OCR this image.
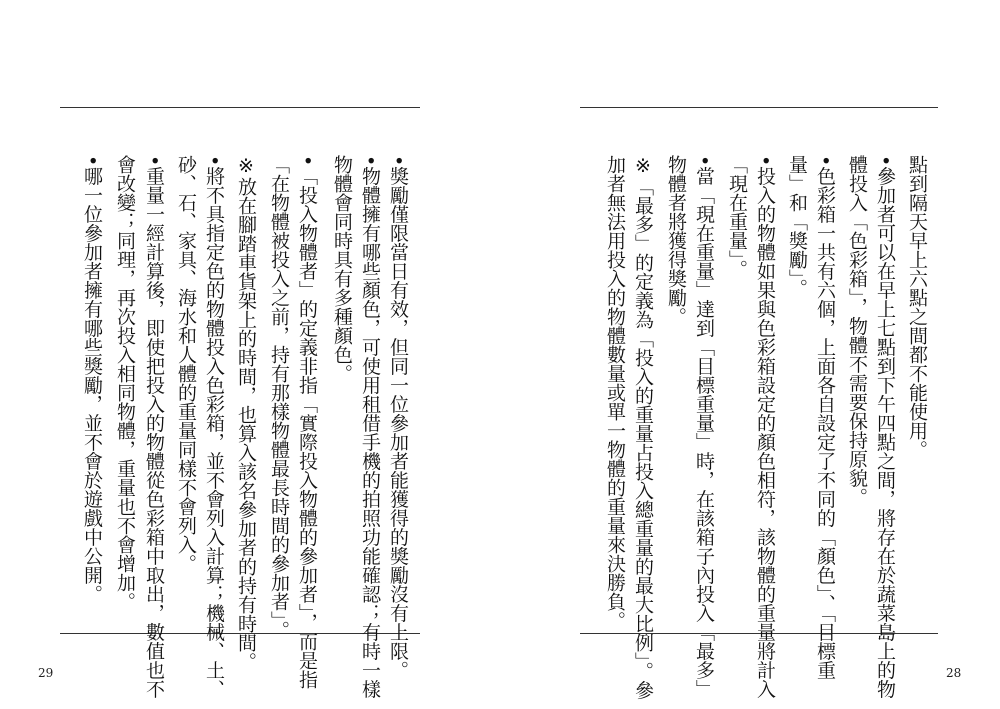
•獎勵僅限當日有效，但同一位參加者能獲得的獎勵沒有上限。
•物體擁有哪些顏色，可使用租借手機的拍照功能確認；有時一樣
物體會同時具有多種顏色。
•「投入物體者」的定義非指「實際投入物體的參加者」，而是指
「在物體被投入之前，持有那樣物體最長時間的參加者」。
※放在腳踏車貨架上的時間，也算入該名參加者的持有時間。
•將不具指定色的物體投入色彩箱，並不會列入計算；機械、土、
砂、石、家具、海水和人體的重量同樣不會列入。
•重量一經計算後，即使把投入的物體從色彩箱中取出，數值也不
會改變；同理，再次投入相同物體，重量也不會增加。
•哪一位參加者擁有哪些獎勵，並不會於遊戲中公開。
29
點到隔天早上六點之間都不能使用。
•參加者可以在早上七點到下午四點之間，將存在於蔬菜島上的物
體投入「色彩箱」，物體不需要保持原貌。
•色彩箱一共有六個，上面各自設定了不同的「顏色」、「目標重
量」和「獎勵」。
•投入的物體如果與色彩箱設定的顏色相符，該物體的重量將計入
「現在重量」。
•當「現在重量」達到「目標重量」時，在該箱子內投入「最多」
物體者將獲得獎勵。
※「最多」的定義為「投入的重量占投入總重量的最大比例」。參
加者無法用投入的物體數量或單一物體的重量來決勝負。
28
